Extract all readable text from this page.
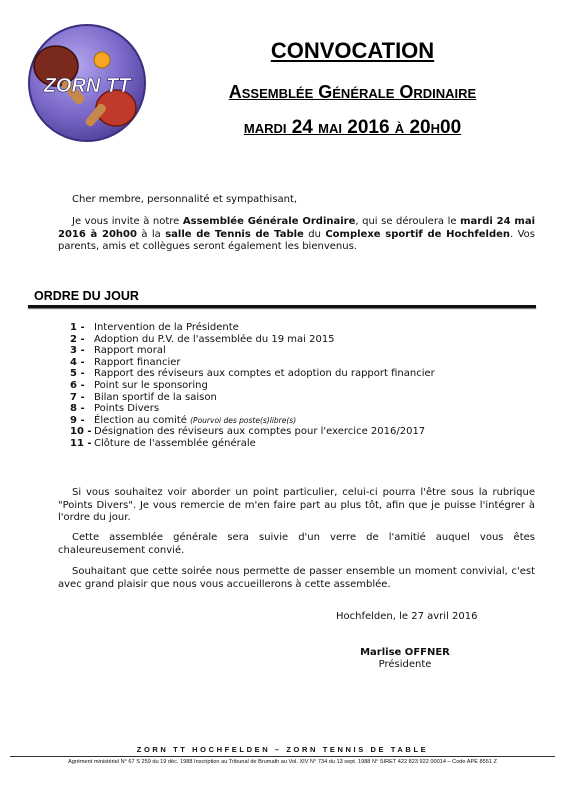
ZORN TT
CONVOCATION
Assemblée Générale Ordinaire
mardi 24 mai 2016 à 20h00
Cher membre, personnalité et sympathisant,
Je vous invite à notre Assemblée Générale Ordinaire, qui se déroulera le mardi 24 mai 2016 à 20h00 à la salle de Tennis de Table du Complexe sportif de Hochfelden. Vos parents, amis et collègues seront également les bienvenus.
ORDRE DU JOUR
1 - Intervention de la Présidente
2 - Adoption du P.V. de l'assemblée du 19 mai 2015
3 - Rapport moral
4 - Rapport financier
5 - Rapport des réviseurs aux comptes et adoption du rapport financier
6 - Point sur le sponsoring
7 - Bilan sportif de la saison
8 - Points Divers
9 - Élection au comité (Pourvoi des poste(s)libre(s)
10 - Désignation des réviseurs aux comptes pour l'exercice 2016/2017
11 - Clôture de l'assemblée générale
Si vous souhaitez voir aborder un point particulier, celui-ci pourra l'être sous la rubrique "Points Divers". Je vous remercie de m'en faire part au plus tôt, afin que je puisse l'intégrer à l'ordre du jour.
Cette assemblée générale sera suivie d'un verre de l'amitié auquel vous êtes chaleureusement convié.
Souhaitant que cette soirée nous permette de passer ensemble un moment convivial, c'est avec grand plaisir que nous vous accueillerons à cette assemblée.
Hochfelden, le 27 avril 2016
Marlise OFFNER
Présidente
ZORN TT HOCHFELDEN – ZORN TENNIS DE TABLE
Agrément ministériel N° 67 S 259 du 19 déc. 1988 Inscription au Tribunal de Brumath au Vol. XIV N° 734 du 13 sept. 1988 N° SIRET 422 823 922 00014 – Code APE 8551 Z
